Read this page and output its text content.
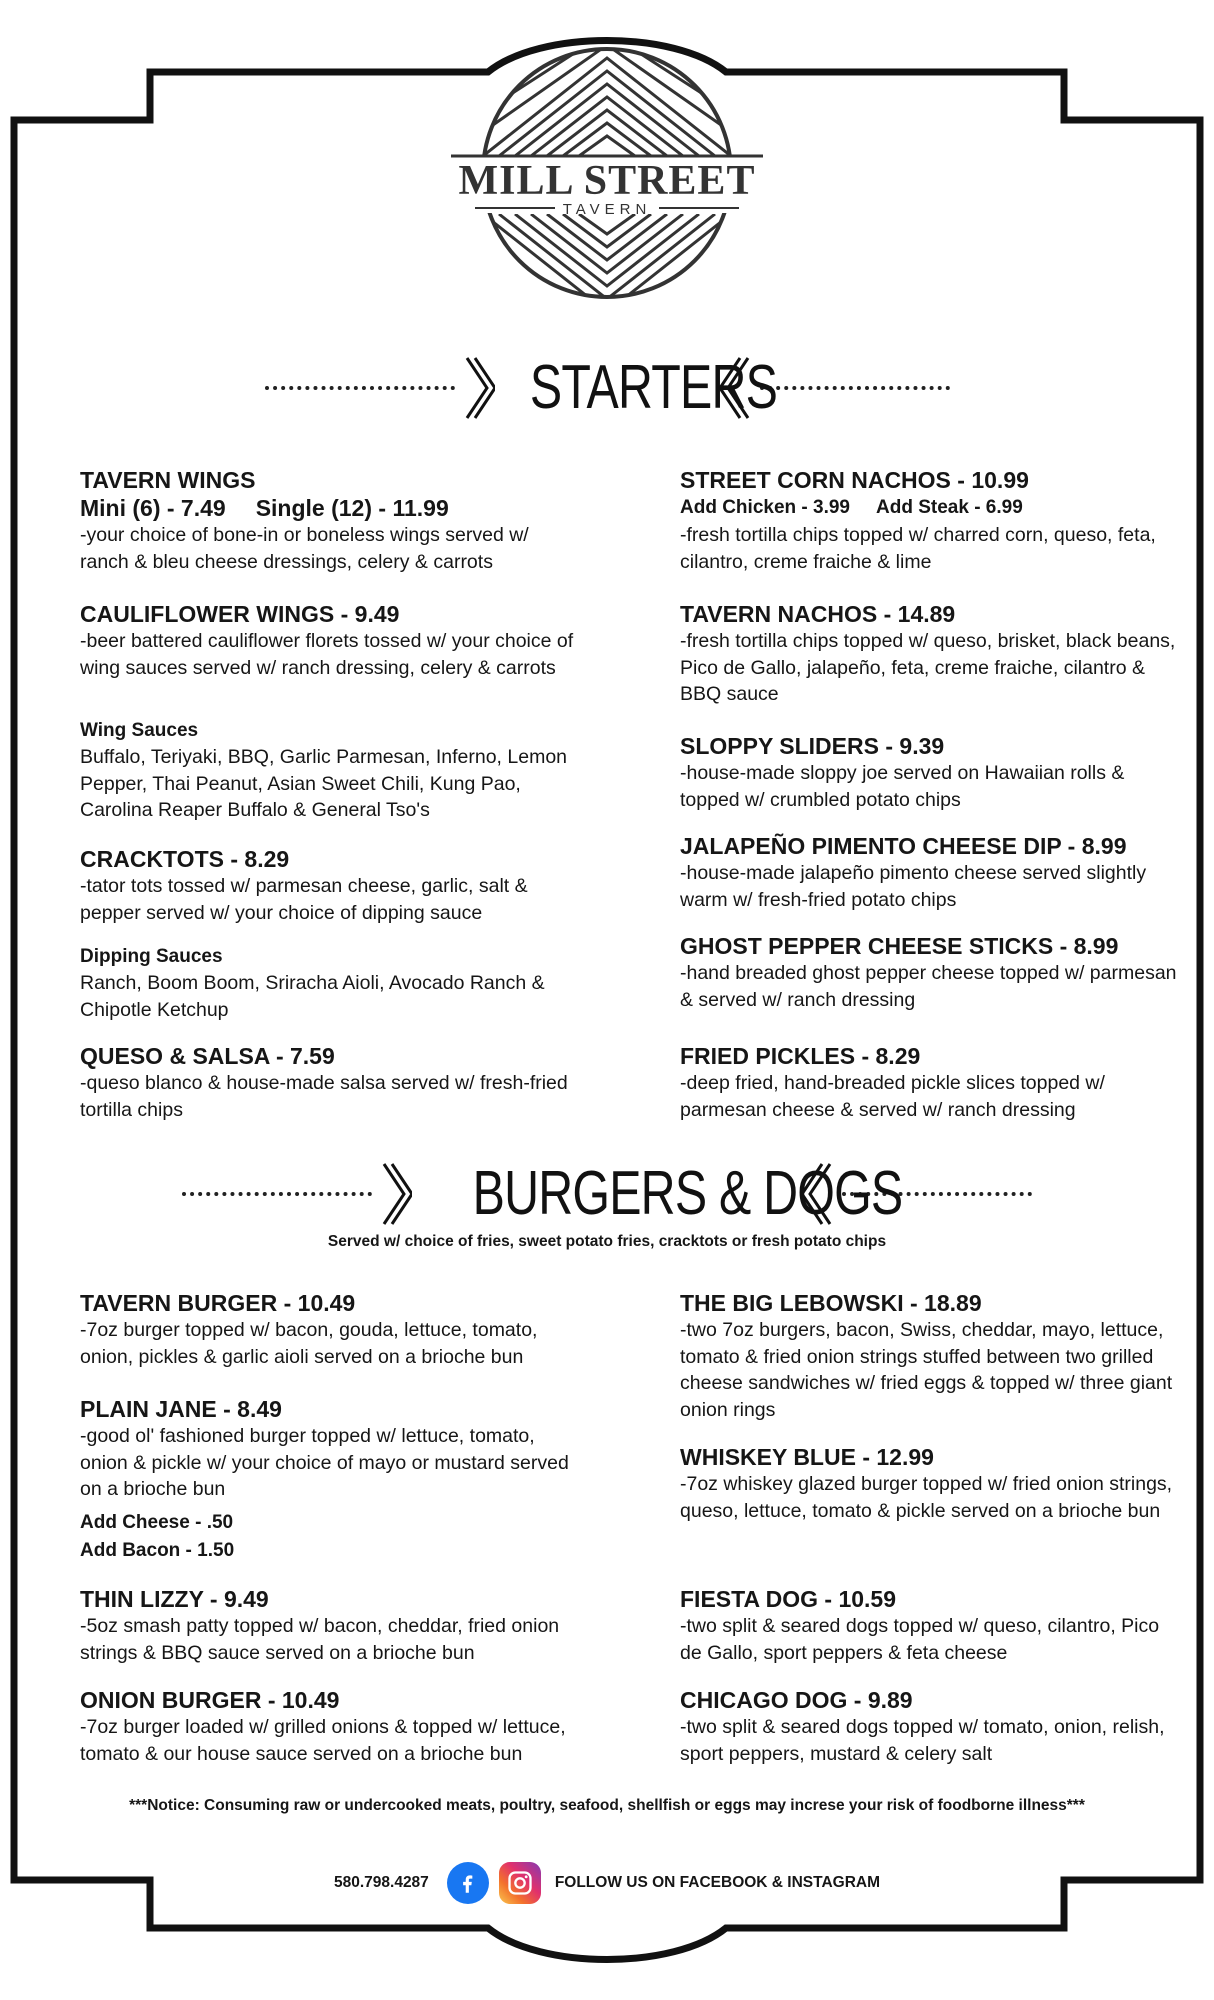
MILL STREET
TAVERN
STARTERS
TAVERN WINGS
Mini (6) - 7.49 Single (12) - 11.99
-your choice of bone-in or boneless wings served w/ ranch & bleu cheese dressings, celery & carrots
CAULIFLOWER WINGS - 9.49
-beer battered cauliflower florets tossed w/ your choice of wing sauces served w/ ranch dressing, celery & carrots
Wing Sauces
Buffalo, Teriyaki, BBQ, Garlic Parmesan, Inferno, Lemon Pepper, Thai Peanut, Asian Sweet Chili, Kung Pao, Carolina Reaper Buffalo & General Tso's
CRACKTOTS - 8.29
-tator tots tossed w/ parmesan cheese, garlic, salt & pepper served w/ your choice of dipping sauce
Dipping Sauces
Ranch, Boom Boom, Sriracha Aioli, Avocado Ranch & Chipotle Ketchup
QUESO & SALSA - 7.59
-queso blanco & house-made salsa served w/ fresh-fried tortilla chips
STREET CORN NACHOS - 10.99
Add Chicken - 3.99 Add Steak - 6.99
-fresh tortilla chips topped w/ charred corn, queso, feta, cilantro, creme fraiche & lime
TAVERN NACHOS - 14.89
-fresh tortilla chips topped w/ queso, brisket, black beans, Pico de Gallo, jalapeño, feta, creme fraiche, cilantro & BBQ sauce
SLOPPY SLIDERS - 9.39
-house-made sloppy joe served on Hawaiian rolls & topped w/ crumbled potato chips
JALAPEÑO PIMENTO CHEESE DIP - 8.99
-house-made jalapeño pimento cheese served slightly warm w/ fresh-fried potato chips
GHOST PEPPER CHEESE STICKS - 8.99
-hand breaded ghost pepper cheese topped w/ parmesan & served w/ ranch dressing
FRIED PICKLES - 8.29
-deep fried, hand-breaded pickle slices topped w/ parmesan cheese & served w/ ranch dressing
BURGERS & DOGS
Served w/ choice of fries, sweet potato fries, cracktots or fresh potato chips
TAVERN BURGER - 10.49
-7oz burger topped w/ bacon, gouda, lettuce, tomato, onion, pickles & garlic aioli served on a brioche bun
PLAIN JANE - 8.49
-good ol' fashioned burger topped w/ lettuce, tomato, onion & pickle w/ your choice of mayo or mustard served on a brioche bun
Add Cheese - .50
Add Bacon - 1.50
THIN LIZZY - 9.49
-5oz smash patty topped w/ bacon, cheddar, fried onion strings & BBQ sauce served on a brioche bun
ONION BURGER - 10.49
-7oz burger loaded w/ grilled onions & topped w/ lettuce, tomato & our house sauce served on a brioche bun
THE BIG LEBOWSKI - 18.89
-two 7oz burgers, bacon, Swiss, cheddar, mayo, lettuce, tomato & fried onion strings stuffed between two grilled cheese sandwiches w/ fried eggs & topped w/ three giant onion rings
WHISKEY BLUE - 12.99
-7oz whiskey glazed burger topped w/ fried onion strings, queso, lettuce, tomato & pickle served on a brioche bun
FIESTA DOG - 10.59
-two split & seared dogs topped w/ queso, cilantro, Pico de Gallo, sport peppers & feta cheese
CHICAGO DOG - 9.89
-two split & seared dogs topped w/ tomato, onion, relish, sport peppers, mustard & celery salt
***Notice: Consuming raw or undercooked meats, poultry, seafood, shellfish or eggs may increse your risk of foodborne illness***
580.798.4287	FOLLOW US ON FACEBOOK & INSTAGRAM
